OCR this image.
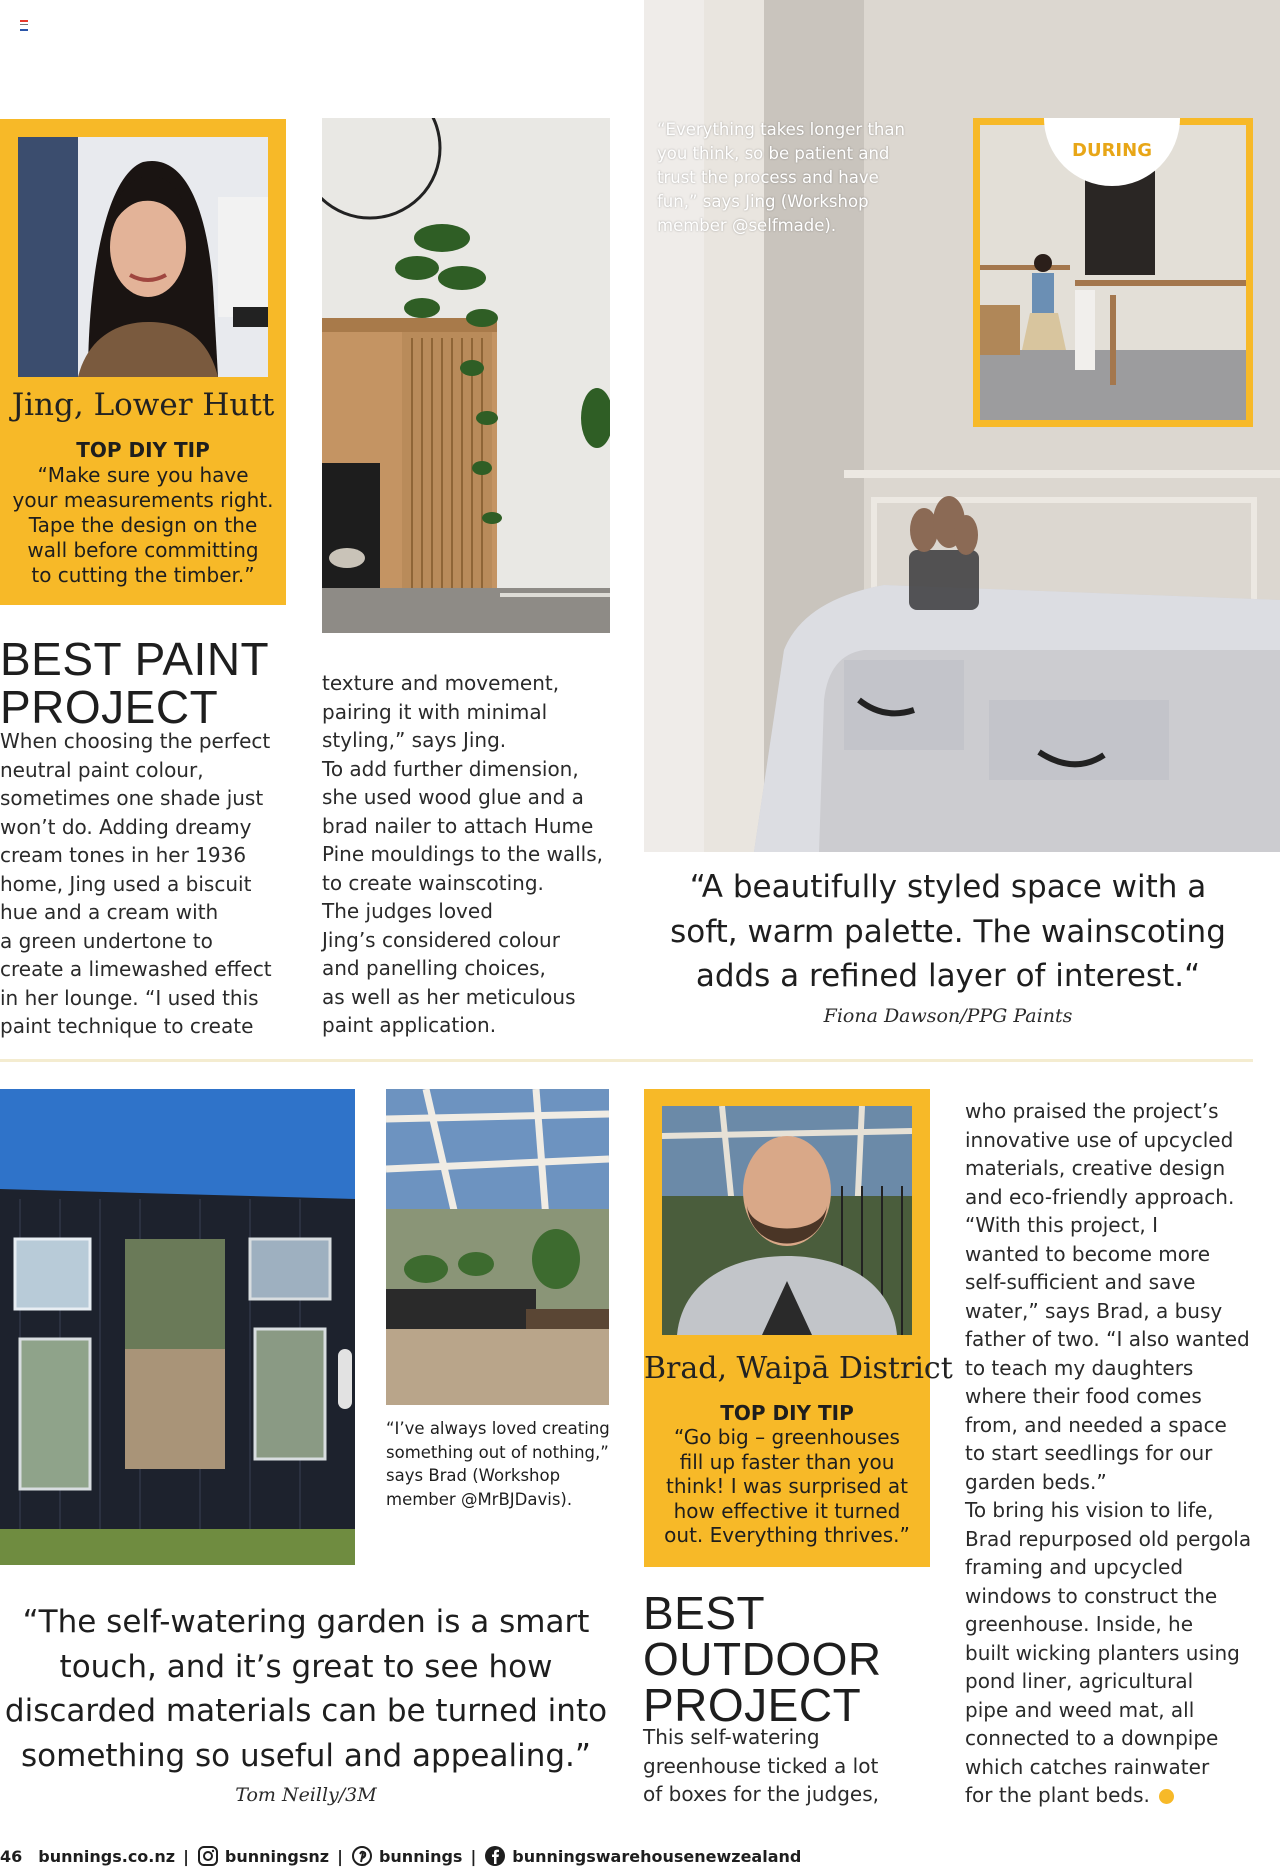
Jing, Lower Hutt
TOP DIY TIP
“Make sure you have
your measurements right.
Tape the design on the
wall before committing
to cutting the timber.”
“Everything takes longer than
you think, so be patient and
trust the process and have
fun,” says Jing (Workshop
member @selfmade).
DURING
BEST PAINT
PROJECT
When choosing the perfect
neutral paint colour,
sometimes one shade just
won’t do. Adding dreamy
cream tones in her 1936
home, Jing used a biscuit
hue and a cream with
a green undertone to
create a limewashed effect
in her lounge. “I used this
paint technique to create
texture and movement,
pairing it with minimal
styling,” says Jing.
To add further dimension,
she used wood glue and a
brad nailer to attach Hume
Pine mouldings to the walls,
to create wainscoting.
The judges loved
Jing’s considered colour
and panelling choices,
as well as her meticulous
paint application.
“A beautifully styled space with a
soft, warm palette. The wainscoting
adds a refined layer of interest.“
Fiona Dawson/PPG Paints
“I’ve always loved creating
something out of nothing,”
says Brad (Workshop
member @MrBJDavis).
Brad, Waipā District
TOP DIY TIP
“Go big – greenhouses
fill up faster than you
think! I was surprised at
how effective it turned
out. Everything thrives.”
“The self-watering garden is a smart
touch, and it’s great to see how
discarded materials can be turned into
something so useful and appealing.”
Tom Neilly/3M
BEST
OUTDOOR
PROJECT
This self-watering
greenhouse ticked a lot
of boxes for the judges,
who praised the project’s
innovative use of upcycled
materials, creative design
and eco-friendly approach.
“With this project, I
wanted to become more
self-sufficient and save
water,” says Brad, a busy
father of two. “I also wanted
to teach my daughters
where their food comes
from, and needed a space
to start seedlings for our
garden beds.”
To bring his vision to life,
Brad repurposed old pergola
framing and upcycled
windows to construct the
greenhouse. Inside, he
built wicking planters using
pond liner, agricultural
pipe and weed mat, all
connected to a downpipe
which catches rainwater
for the plant beds.
46 bunnings.co.nz | bunningsnz | bunnings | bunningswarehousenewzealand
